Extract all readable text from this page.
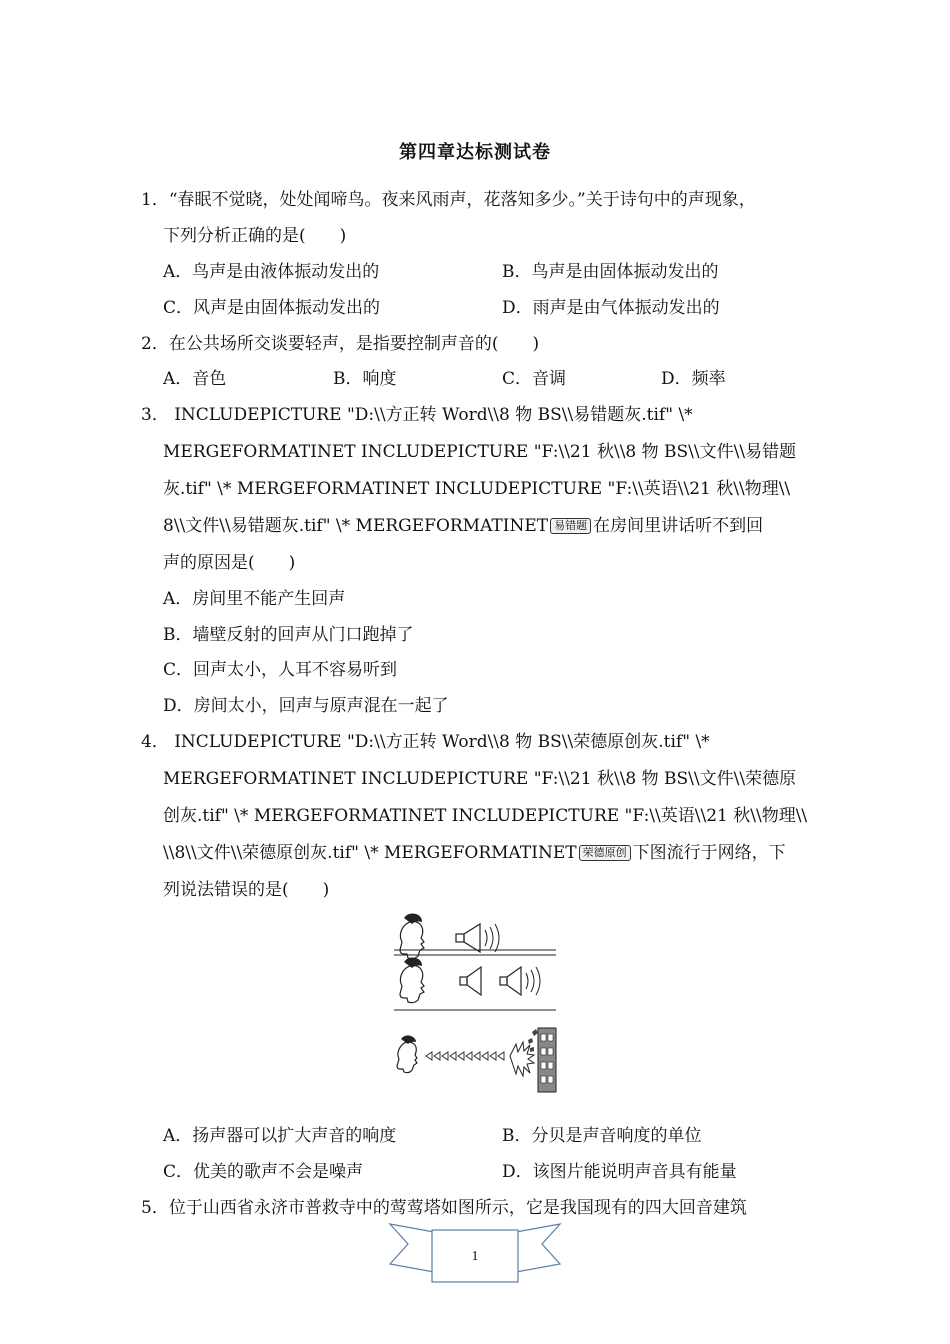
第四章达标测试卷
1．“春眠不觉晓，处处闻啼鸟。夜来风雨声，花落知多少。”关于诗句中的声现象，
下列分析正确的是(　　)
A．鸟声是由液体振动发出的	B．鸟声是由固体振动发出的
C．风声是由固体振动发出的	D．雨声是由气体振动发出的
2．在公共场所交谈要轻声，是指要控制声音的(　　)
A．音色	B．响度	C．音调	D．频率
3． INCLUDEPICTURE "D:\\方正转 Word\\8 物 BS\\易错题灰.tif" \*
MERGEFORMATINET INCLUDEPICTURE "F:\\21 秋\\8 物 BS\\文件\\易错题
灰.tif" \* MERGEFORMATINET INCLUDEPICTURE "F:\\英语\\21 秋\\物理\\
8\\文件\\易错题灰.tif" \* MERGEFORMATINET 易错题 在房间里讲话听不到回
声的原因是(　　)
A．房间里不能产生回声
B．墙壁反射的回声从门口跑掉了
C．回声太小，人耳不容易听到
D．房间太小，回声与原声混在一起了
4． INCLUDEPICTURE "D:\\方正转 Word\\8 物 BS\\荣德原创灰.tif" \*
MERGEFORMATINET INCLUDEPICTURE "F:\\21 秋\\8 物 BS\\文件\\荣德原
创灰.tif" \* MERGEFORMATINET INCLUDEPICTURE "F:\\英语\\21 秋\\物理\\
\\8\\文件\\荣德原创灰.tif" \* MERGEFORMATINET 荣德原创 下图流行于网络，下
列说法错误的是(　　)
A．扬声器可以扩大声音的响度	B．分贝是声音响度的单位
C．优美的歌声不会是噪声	D．该图片能说明声音具有能量
5．位于山西省永济市普救寺中的莺莺塔如图所示，它是我国现有的四大回音建筑
1
